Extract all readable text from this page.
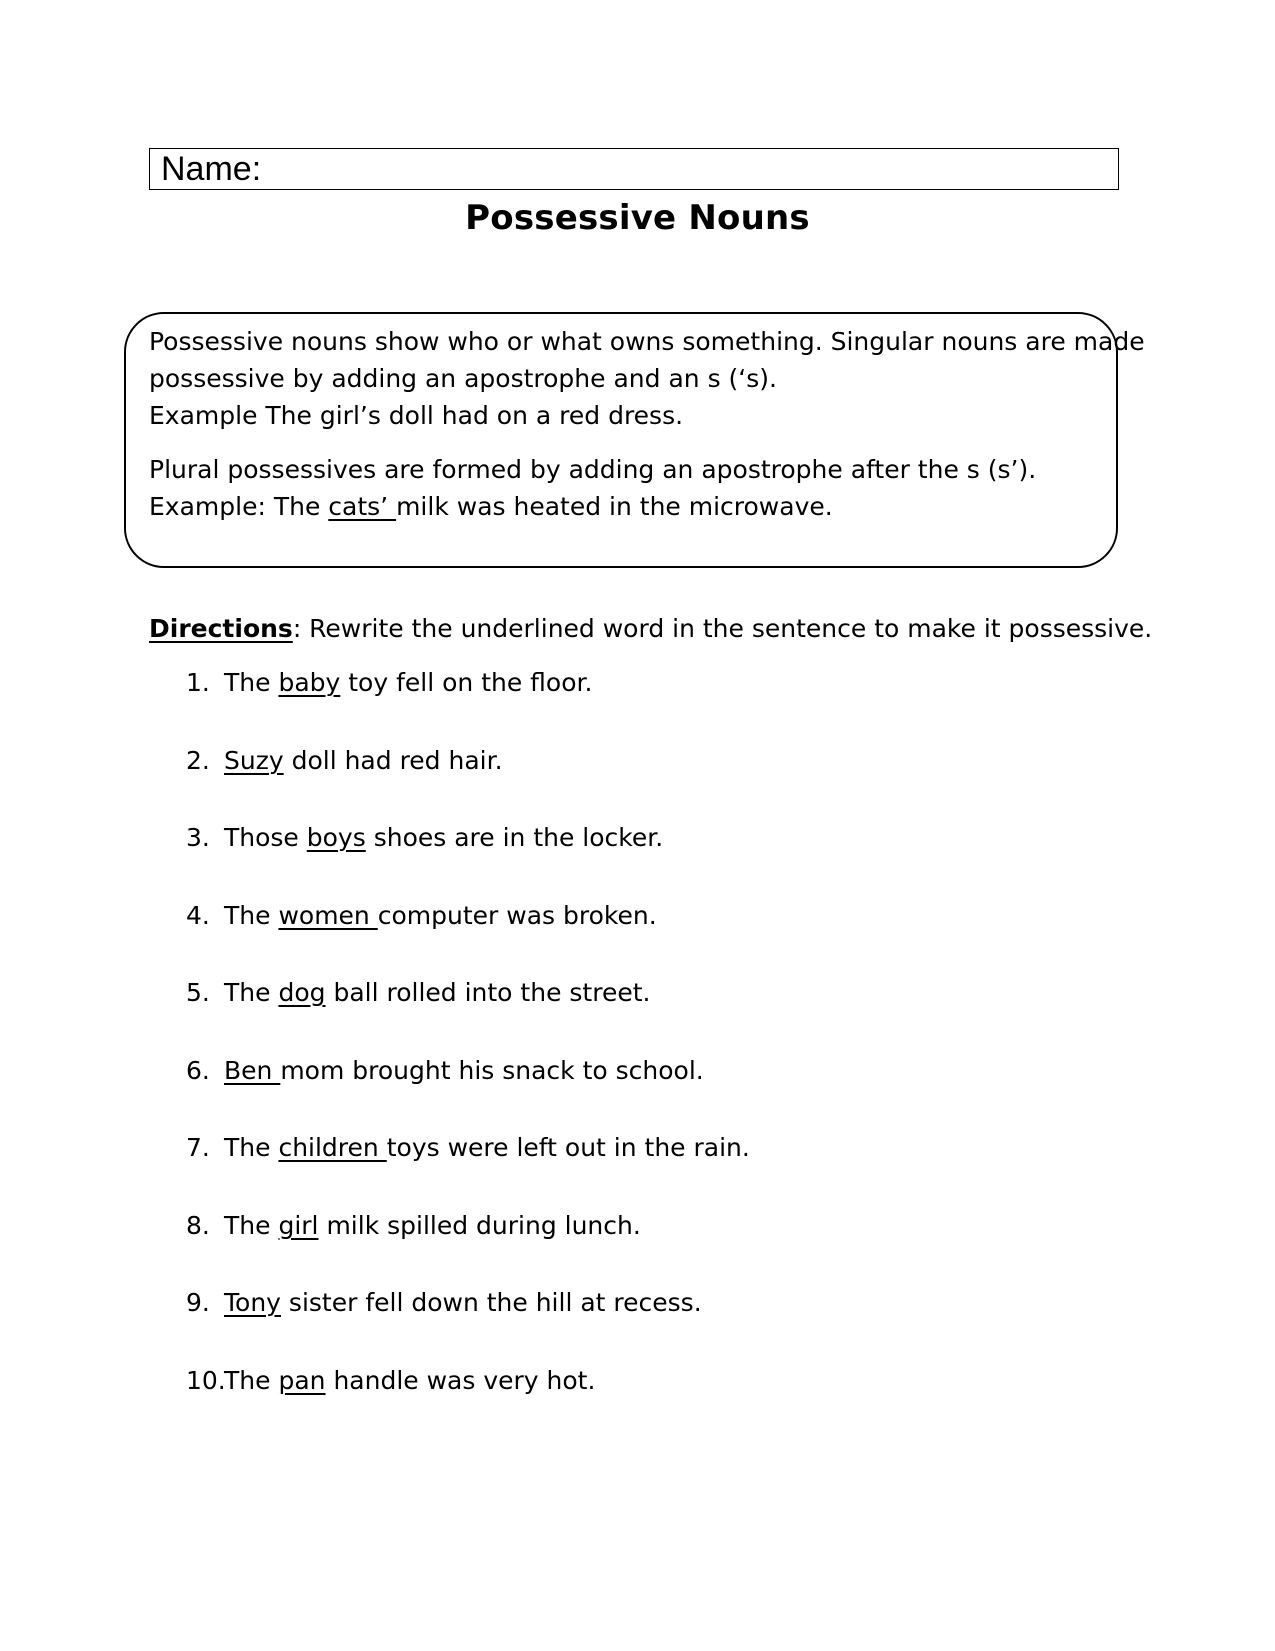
Name:
Possessive Nouns
Possessive nouns show who or what owns something. Singular nouns are made
possessive by adding an apostrophe and an s (‘s).
Example The girl’s doll had on a red dress.
Plural possessives are formed by adding an apostrophe after the s (s’).
Example: The cats’ milk was heated in the microwave.
Directions: Rewrite the underlined word in the sentence to make it possessive.
1. The baby toy fell on the floor.
2. Suzy doll had red hair.
3. Those boys shoes are in the locker.
4. The women computer was broken.
5. The dog ball rolled into the street.
6. Ben mom brought his snack to school.
7. The children toys were left out in the rain.
8. The girl milk spilled during lunch.
9. Tony sister fell down the hill at recess.
10.The pan handle was very hot.
